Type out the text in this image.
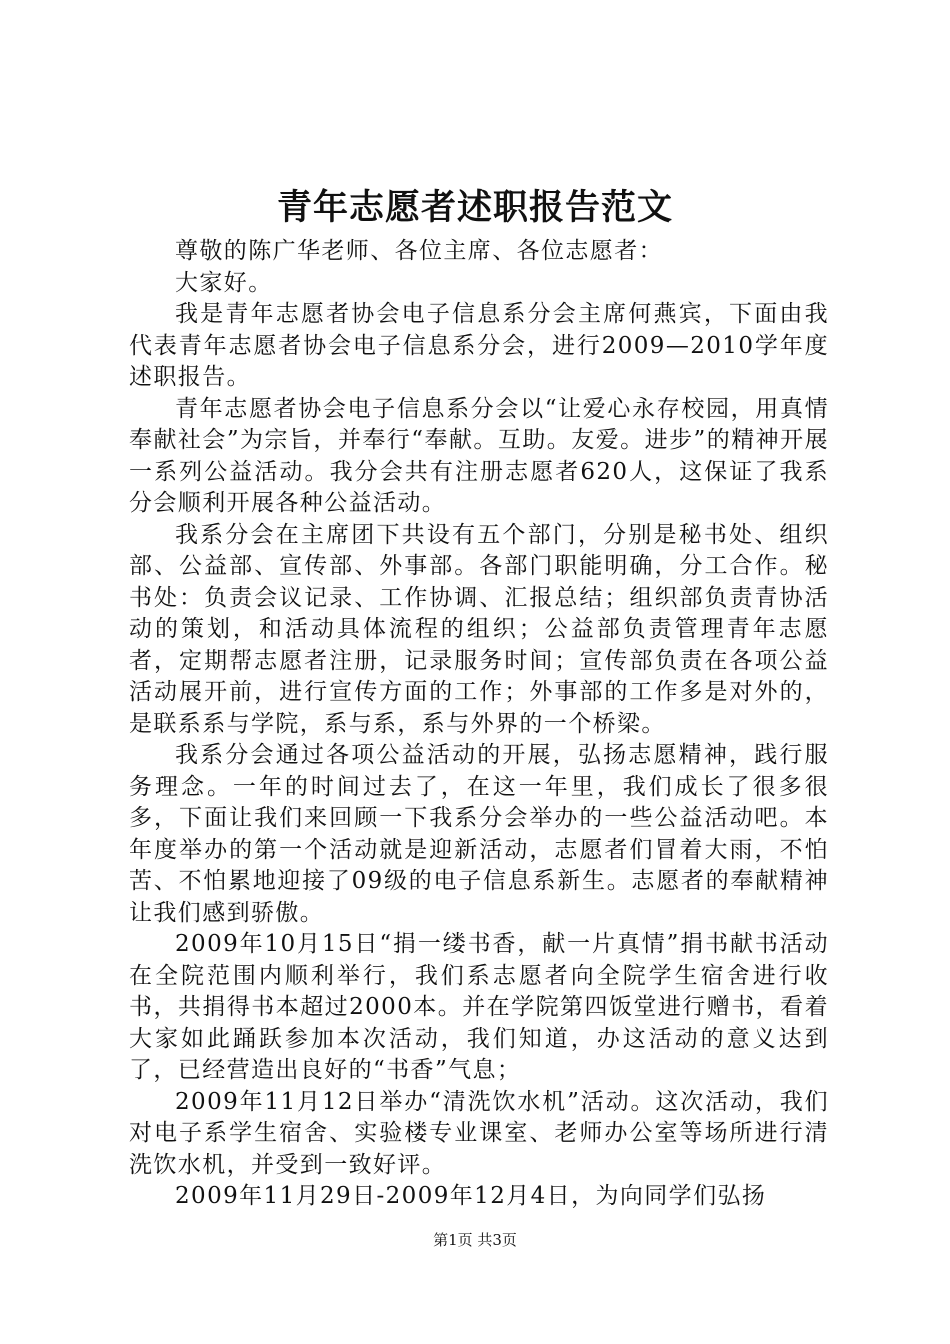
青年志愿者述职报告范文

尊敬的陈广华老师、各位主席、各位志愿者：

大家好。

我是青年志愿者协会电子信息系分会主席何燕宾，下面由我代表青年志愿者协会电子信息系分会，进行2009—2010学年度述职报告。

青年志愿者协会电子信息系分会以“让爱心永存校园，用真情奉献社会”为宗旨，并奉行“奉献。互助。友爱。进步”的精神开展一系列公益活动。我分会共有注册志愿者620人，这保证了我系分会顺利开展各种公益活动。

我系分会在主席团下共设有五个部门，分别是秘书处、组织部、公益部、宣传部、外事部。各部门职能明确，分工合作。秘书处：负责会议记录、工作协调、汇报总结；组织部负责青协活动的策划，和活动具体流程的组织；公益部负责管理青年志愿者，定期帮志愿者注册，记录服务时间；宣传部负责在各项公益活动展开前，进行宣传方面的工作；外事部的工作多是对外的，是联系系与学院，系与系，系与外界的一个桥梁。

我系分会通过各项公益活动的开展，弘扬志愿精神，践行服务理念。一年的时间过去了，在这一年里，我们成长了很多很多，下面让我们来回顾一下我系分会举办的一些公益活动吧。本年度举办的第一个活动就是迎新活动，志愿者们冒着大雨，不怕苦、不怕累地迎接了09级的电子信息系新生。志愿者的奉献精神让我们感到骄傲。

2009年10月15日“捐一缕书香，献一片真情”捐书献书活动在全院范围内顺利举行，我们系志愿者向全院学生宿舍进行收书，共捐得书本超过2000本。并在学院第四饭堂进行赠书，看着大家如此踊跃参加本次活动，我们知道，办这活动的意义达到了，已经营造出良好的“书香”气息；

2009年11月12日举办“清洗饮水机”活动。这次活动，我们对电子系学生宿舍、实验楼专业课室、老师办公室等场所进行清洗饮水机，并受到一致好评。

2009年11月29日-2009年12月4日，为向同学们弘扬

第1页 共3页
